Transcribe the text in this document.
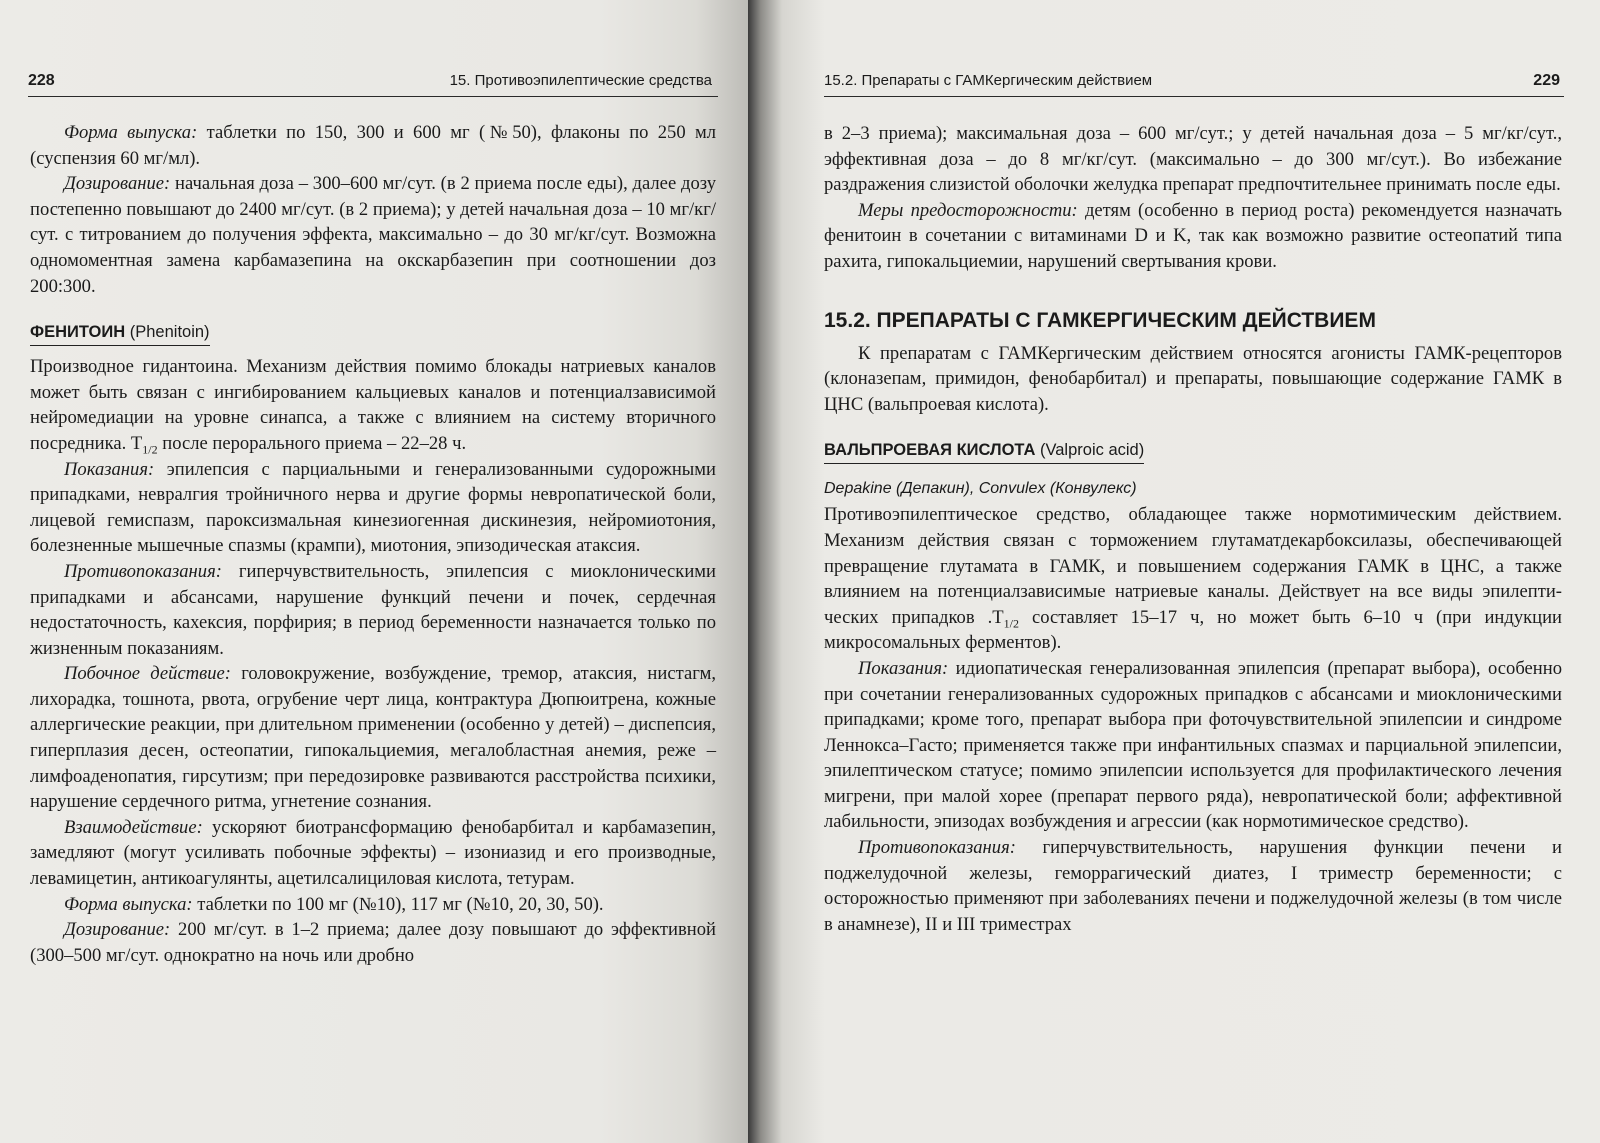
228	15. Противоэпилептические средства

Форма выпуска: таблетки по 150, 300 и 600 мг (№50), флаконы по 250 мл (суспензия 60 мг/мл).

Дозирование: начальная доза – 300–600 мг/сут. (в 2 приема после еды), далее дозу постепенно повышают до 2400 мг/сут. (в 2 приема); у детей начальная доза – 10 мг/кг/сут. с титрованием до получения эффекта, максимально – до 30 мг/кг/сут. Возможна одномоментная замена карбамазепина на окскарбазепин при соотношении доз 200:300.

ФЕНИТОИН (Phenitoin)

Производное гидантоина. Механизм действия помимо блокады натриевых каналов может быть связан с ингибированием кальциевых каналов и потенциалзависимой нейромедиации на уровне синапса, а также с влиянием на систему вторичного посредника. $T_{1/2}$ после перорального приема – 22–28 ч.

Показания: эпилепсия с парциальными и генерализованными судорожными припадками, невралгия тройничного нерва и другие формы невропатической боли, лицевой гемиспазм, пароксизмальная кинезиогенная дискинезия, нейромиотония, болезненные мышечные спазмы (крампи), миотония, эпизодическая атаксия.

Противопоказания: гиперчувствительность, эпилепсия с миоклоническими припадками и абсансами, нарушение функций печени и почек, сердечная недостаточность, кахексия, порфирия; в период беременности назначается только по жизненным показаниям.

Побочное действие: головокружение, возбуждение, тремор, атаксия, нистагм, лихорадка, тошнота, рвота, огрубение черт лица, контрактура Дюпюитрена, кожные аллергические реакции, при длительном применении (особенно у детей) – диспепсия, гиперплазия десен, остеопатии, гипокальциемия, мегалобластная анемия, реже – лимфоаденопатия, гирсутизм; при передозировке развиваются расстройства психики, нарушение сердечного ритма, угнетение сознания.

Взаимодействие: ускоряют биотрансформацию фенобарбитал и карбамазепин, замедляют (могут усиливать побочные эффекты) – изониазид и его производные, левамицетин, антикоагулянты, ацетилсалициловая кислота, тетурам.

Форма выпуска: таблетки по 100 мг (№10), 117 мг (№10, 20, 30, 50).

Дозирование: 200 мг/сут. в 1–2 приема; далее дозу повышают до эффективной (300–500 мг/сут. однократно на ночь или дробно

15.2. Препараты с ГАМКергическим действием	229

в 2–3 приема); максимальная доза – 600 мг/сут.; у детей начальная доза – 5 мг/кг/сут., эффективная доза – до 8 мг/кг/сут. (максимально – до 300 мг/сут.). Во избежание раздражения слизистой оболочки желудка препарат предпочтительнее принимать после еды.

Меры предосторожности: детям (особенно в период роста) рекомендуется назначать фенитоин в сочетании с витаминами D и K, так как возможно развитие остеопатий типа рахита, гипокальциемии, нарушений свертывания крови.

15.2. ПРЕПАРАТЫ С ГАМКЕРГИЧЕСКИМ ДЕЙСТВИЕМ

К препаратам с ГАМКергическим действием относятся агонисты ГАМК-рецепторов (клоназепам, примидон, фенобарбитал) и препараты, повышающие содержание ГАМК в ЦНС (вальпроевая кислота).

ВАЛЬПРОЕВАЯ КИСЛОТА (Valproic acid)
Depakine (Депакин), Convulex (Конвулекс)

Противоэпилептическое средство, обладающее также нормотимическим действием. Механизм действия связан с торможением глутаматдекарбоксилазы, обеспечивающей превращение глутамата в ГАМК, и повышением содержания ГАМК в ЦНС, а также влиянием на потенциалзависимые натриевые каналы. Действует на все виды эпилептических припадков $.T_{1/2}$ составляет 15–17 ч, но может быть 6–10 ч (при индукции микросомальных ферментов).

Показания: идиопатическая генерализованная эпилепсия (препарат выбора), особенно при сочетании генерализованных судорожных припадков с абсансами и миоклоническими припадками; кроме того, препарат выбора при фоточувствительной эпилепсии и синдроме Леннокса–Гасто; применяется также при инфантильных спазмах и парциальной эпилепсии, эпилептическом статусе; помимо эпилепсии используется для профилактического лечения мигрени, при малой хорее (препарат первого ряда), невропатической боли; аффективной лабильности, эпизодах возбуждения и агрессии (как нормотимическое средство).

Противопоказания: гиперчувствительность, нарушения функции печени и поджелудочной железы, геморрагический диатез, I триместр беременности; с осторожностью применяют при заболеваниях печени и поджелудочной железы (в том числе в анамнезе), II и III триместрах
